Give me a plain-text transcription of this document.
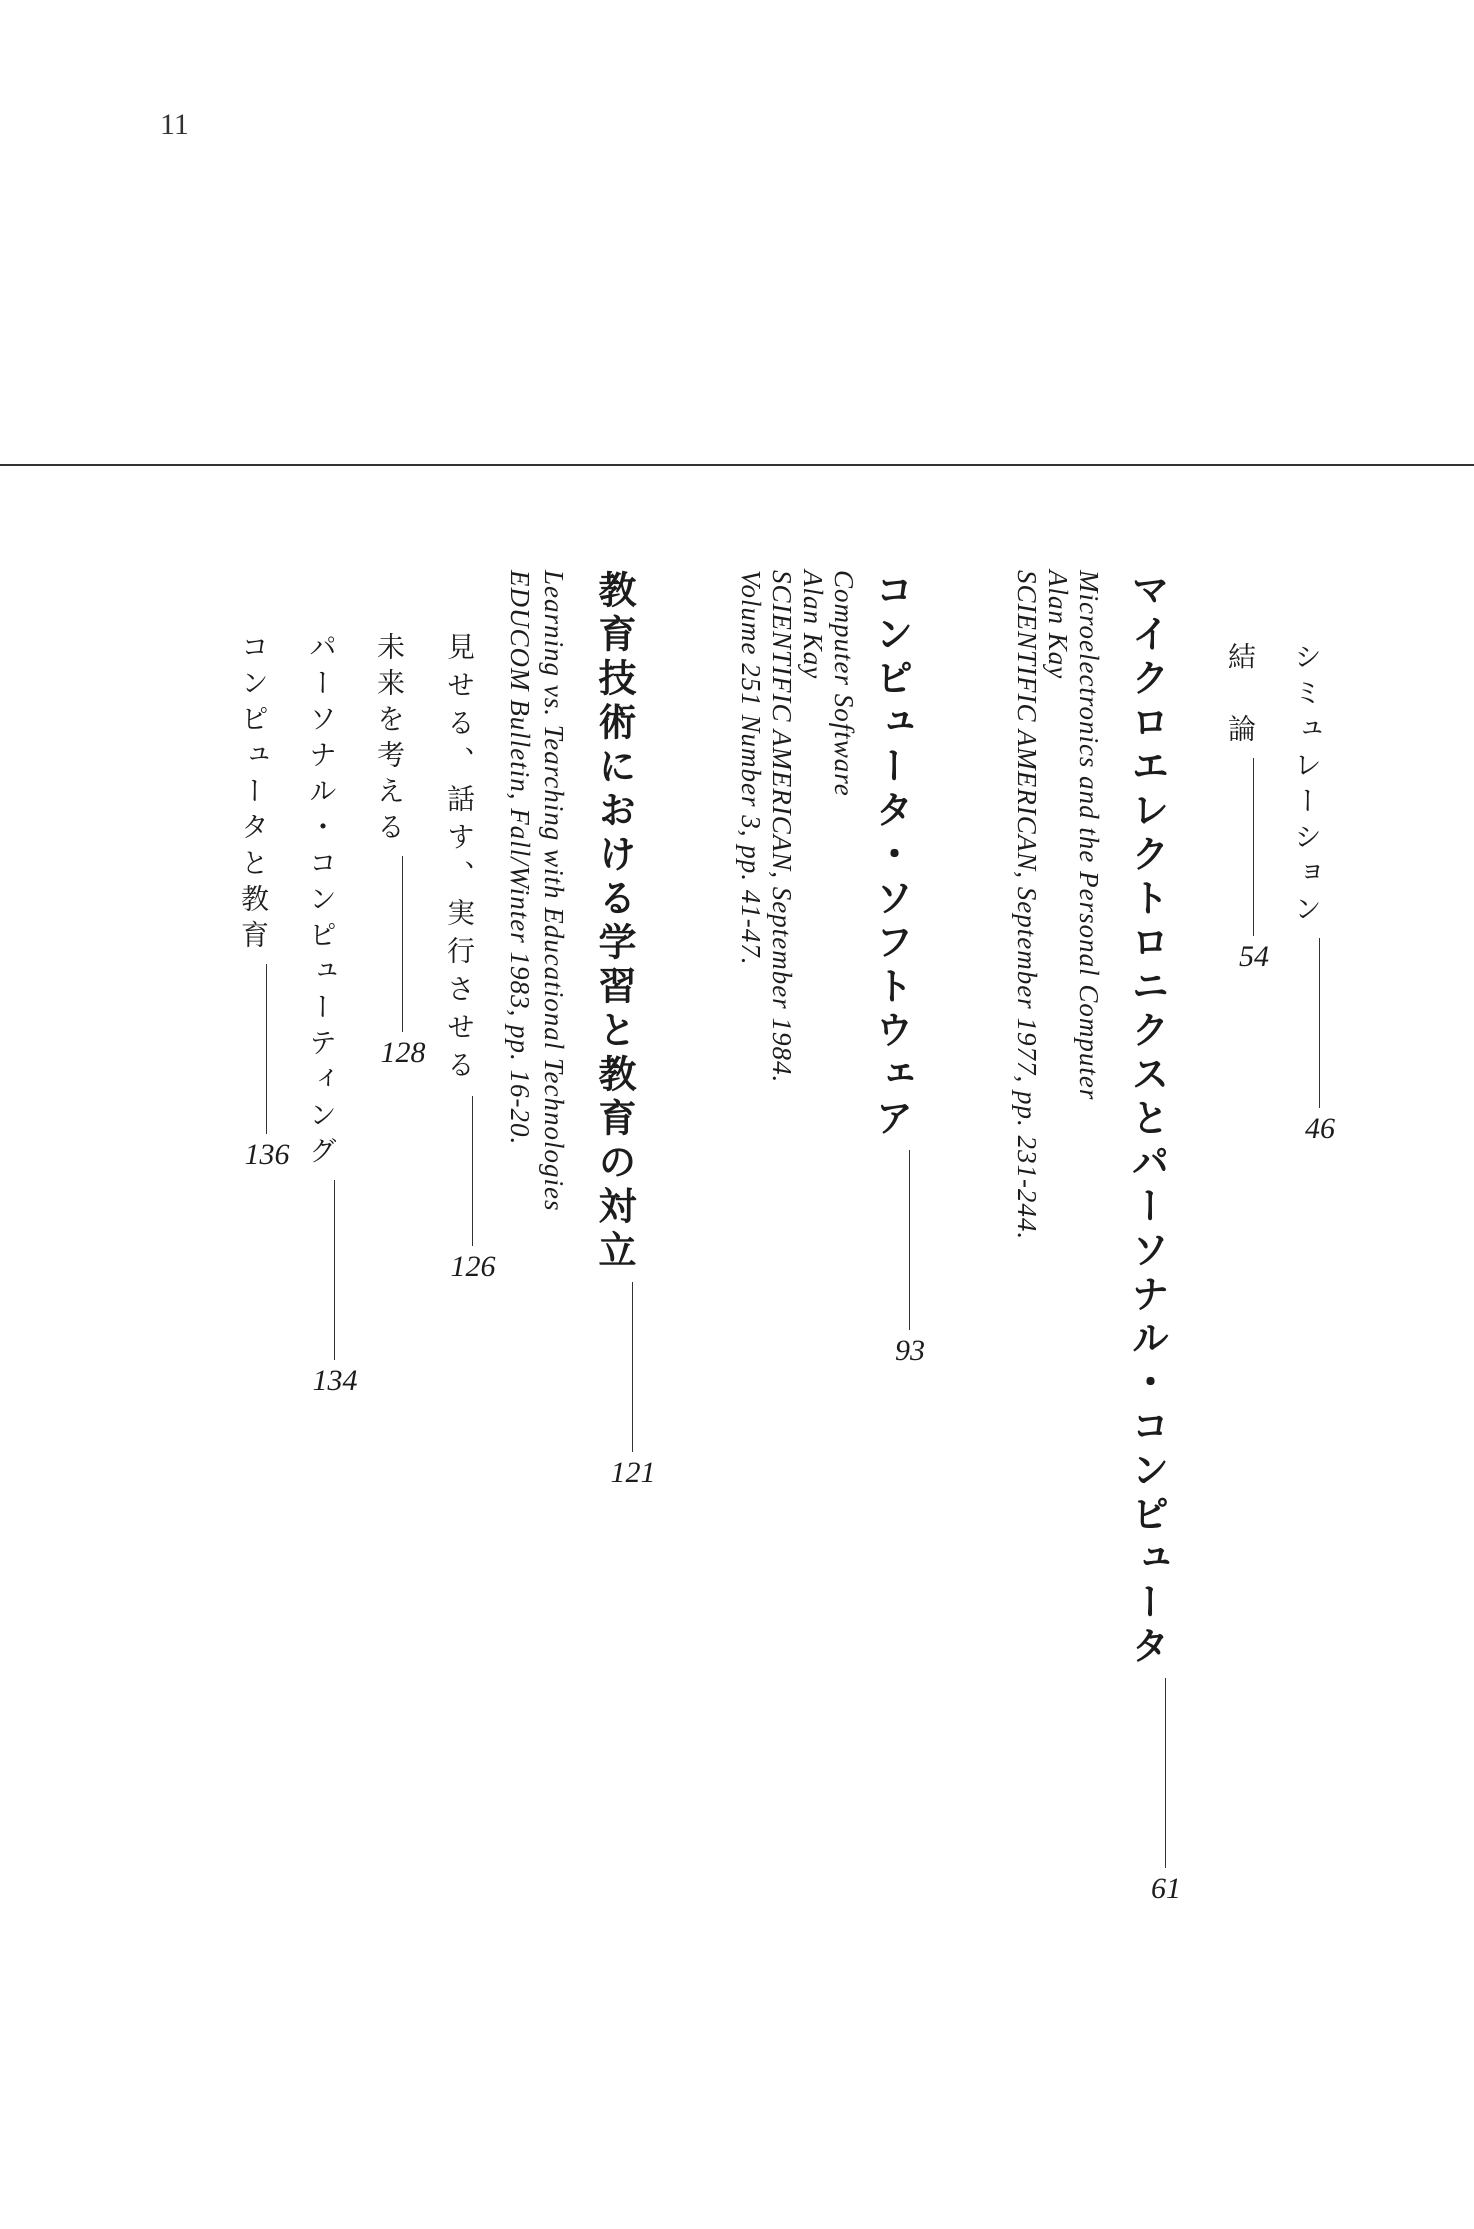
11
シミュレーション
46
結　論
54
マイクロエレクトロニクスとパーソナル・コンピュータ
61
Microelectronics and the Personal Computer
Alan Kay
SCIENTIFIC AMERICAN, September 1977, pp. 231-244.
コンピュータ・ソフトウェア
93
Computer Software
Alan Kay
SCIENTIFIC AMERICAN, September 1984.
Volume 251 Number 3, pp. 41-47.
教育技術における学習と教育の対立
121
Learning vs. Tearching with Educational Technologies
EDUCOM Bulletin, Fall/Winter 1983, pp. 16-20.
見せる、話す、実行させる
126
未来を考える
128
パーソナル・コンピューティング
134
コンピュータと教育
136
